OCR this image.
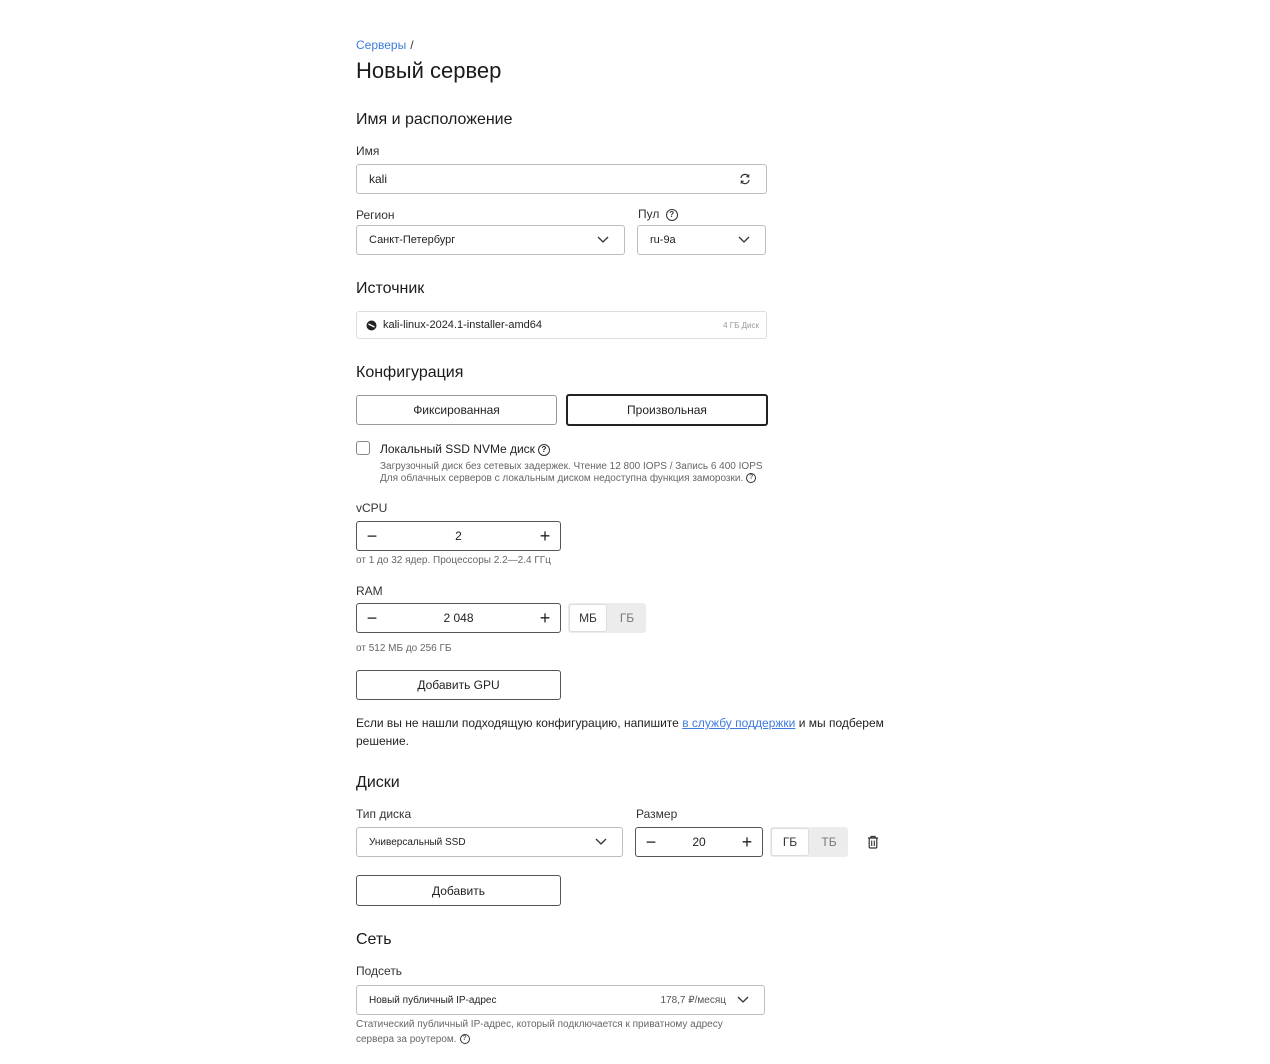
Серверы /
Новый сервер
Имя и расположение
Имя
kali
Регион	Пул ?
Санкт-Петербург	ru-9a
Источник
kali-linux-2024.1-installer-amd64	4 ГБ Диск
Конфигурация
Фиксированная	Произвольная
Локальный SSD NVMe диск ?
Загрузочный диск без сетевых задержек. Чтение 12 800 IOPS / Запись 6 400 IOPS
Для облачных серверов с локальным диском недоступна функция заморозки. ?
vCPU
−	2	+
от 1 до 32 ядер. Процессоры 2.2—2.4 ГГц
RAM
−	2 048	+	МБ	ГБ
от 512 МБ до 256 ГБ
Добавить GPU
Если вы не нашли подходящую конфигурацию, напишите в службу поддержки и мы подберем
решение.
Диски
Тип диска	Размер
Универсальный SSD	−	20	+	ГБ	ТБ
Добавить
Сеть
Подсеть
Новый публичный IP-адрес	178,7 ₽/месяц
Статический публичный IP-адрес, который подключается к приватному адресу
сервера за роутером. ?
